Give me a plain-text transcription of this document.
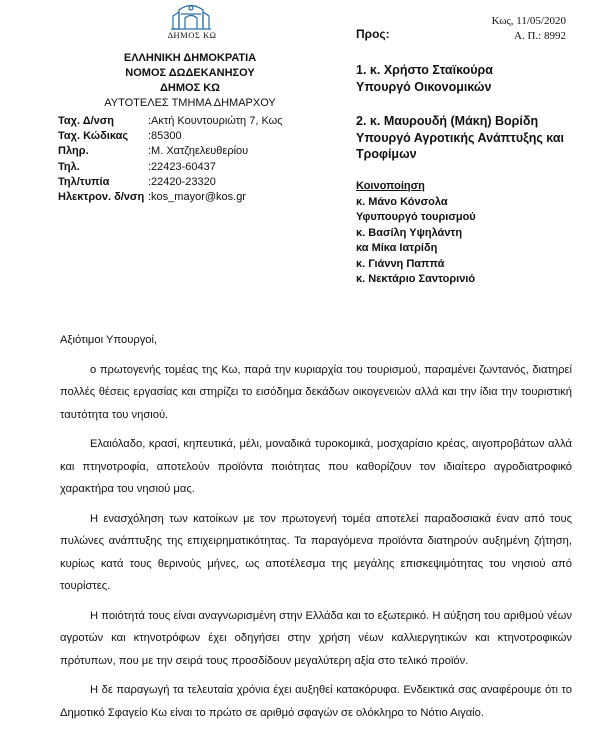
ΔΗΜΟΣ ΚΩ
ΕΛΛΗΝΙΚΗ ΔΗΜΟΚΡΑΤΙΑ
ΝΟΜΟΣ ΔΩΔΕΚΑΝΗΣΟΥ
ΔΗΜΟΣ ΚΩ
ΑΥΤΟΤΕΛΕΣ ΤΜΗΜΑ ΔΗΜΑΡΧΟΥ
Ταχ. Δ/νση	:Ακτή Κουντουριώτη 7, Κως
Ταχ. Κώδικας	:85300
Πληρ.	:Μ. Χατζηελευθερίου
Τηλ.	:22423-60437
Τηλ/τυπία	:22420-23320
Ηλεκτρον. δ/νση :kos_mayor@kos.gr
Κως, 11/05/2020
Α. Π.: 8992
Προς:
1. κ. Χρήστο Σταϊκούρα
Υπουργό Οικονομικών
2. κ. Μαυρουδή (Μάκη) Βορίδη
Υπουργό Αγροτικής Ανάπτυξης και Τροφίμων
Κοινοποίηση
κ. Μάνο Κόνσολα
Υφυπουργό τουρισμού
κ. Βασίλη Υψηλάντη
κα Μίκα Ιατρίδη
κ. Γιάννη Παππά
κ. Νεκτάριο Σαντορινιό

Αξιότιμοι Υπουργοί,

ο πρωτογενής τομέας της Κω, παρά την κυριαρχία του τουρισμού, παραμένει ζωντανός, διατηρεί πολλές θέσεις εργασίας και στηρίζει το εισόδημα δεκάδων οικογενειών αλλά και την ίδια την τουριστική ταυτότητα του νησιού.

Ελαιόλαδο, κρασί, κηπευτικά, μέλι, μοναδικά τυροκομικά, μοσχαρίσιο κρέας, αιγοπροβάτων αλλά και πτηνοτροφία, αποτελούν προϊόντα ποιότητας που καθορίζουν τον ιδιαίτερο αγροδιατροφικό χαρακτήρα του νησιού μας.

Η ενασχόληση των κατοίκων με τον πρωτογενή τομέα αποτελεί παραδοσιακά έναν από τους πυλώνες ανάπτυξης της επιχειρηματικότητας. Τα παραγόμενα προϊόντα διατηρούν αυξημένη ζήτηση, κυρίως κατά τους θερινούς μήνες, ως αποτέλεσμα της μεγάλης επισκεψιμότητας του νησιού από τουρίστες.

Η ποιότητά τους είναι αναγνωρισμένη στην Ελλάδα και το εξωτερικό. Η αύξηση του αριθμού νέων αγροτών και κτηνοτρόφων έχει οδηγήσει στην χρήση νέων καλλιεργητικών και κτηνοτροφικών πρότυπων, που με την σειρά τους προσδίδουν μεγαλύτερη αξία στο τελικό προϊόν.

Η δε παραγωγή τα τελευταία χρόνια έχει αυξηθεί κατακόρυφα. Ενδεικτικά σας αναφέρουμε ότι το Δημοτικό Σφαγείο Κω είναι το πρώτο σε αριθμό σφαγών σε ολόκληρο το Νότιο Αιγαίο.
